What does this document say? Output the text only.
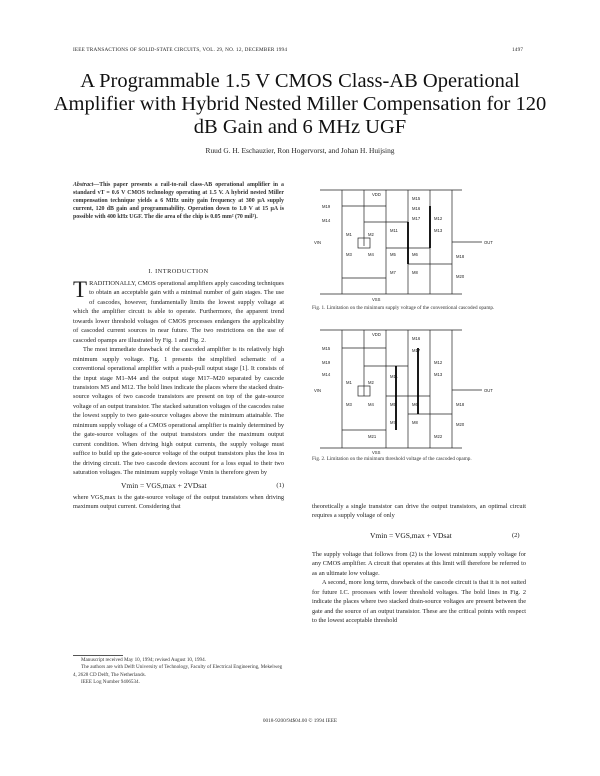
IEEE TRANSACTIONS OF SOLID-STATE CIRCUITS, VOL. 29, NO. 12, DECEMBER 1994	1497
A Programmable 1.5 V CMOS Class-AB Operational Amplifier with Hybrid Nested Miller Compensation for 120 dB Gain and 6 MHz UGF
Ruud G. H. Eschauzier, Ron Hogervorst, and Johan H. Huijsing
Abstract—This paper presents a rail-to-rail class-AB operational amplifier in a standard vT = 0.6 V CMOS technology operating at 1.5 V. A hybrid nested Miller compensation technique yields a 6 MHz unity gain frequency at 300 μA supply current, 120 dB gain and programmability. Operation down to 1.0 V at 15 μA is possible with 400 kHz UGF. The die area of the chip is 0.05 mm² (70 mil²).
I. INTRODUCTION
TRADITIONALLY, CMOS operational amplifiers apply cascoding techniques to obtain an acceptable gain with a minimal number of gain stages. The use of cascodes, however, fundamentally limits the lowest supply voltage at which the amplifier circuit is able to operate. Furthermore, the apparent trend towards lower threshold voltages of CMOS processes endangers the applicability of cascoded current sources in near future. The two restrictions on the use of cascoded opamps are illustrated by Fig. 1 and Fig. 2.
The most immediate drawback of the cascoded amplifier is its relatively high minimum supply voltage. Fig. 1 presents the simplified schematic of a conventional operational amplifier with a push-pull output stage [1]. It consists of the input stage M1–M4 and the output stage M17–M20 separated by cascode transistors M5 and M12. The bold lines indicate the places where the stacked drain-source voltages of two cascode transistors are present on top of the gate-source voltage of an output transistor. The stacked saturation voltages of the cascodes raise the lowest supply to two gate-source voltages above the minimum attainable. The minimum supply voltage of a CMOS operational amplifier is mainly determined by the gate-source voltages of the output transistors under the maximum output current condition. When driving high output currents, the supply voltage must suffice to build up the gate-source voltage of the output transistors plus the loss in the driving circuit. The two cascode devices account for a loss equal to their two saturation voltages. The minimum supply voltage Vmin is therefore given by
Vmin = VGS,max + 2VDsat	(1)
where VGS,max is the gate-source voltage of the output transistors when driving maximum output current. Considering that
Manuscript received May 10, 1994; revised August 10, 1994.
The authors are with Delft University of Technology, Faculty of Electrical Engineering, Mekelweg 4, 2628 CD Delft, The Netherlands.
IEEE Log Number 9406534.
VDD
M19
M14
M15
M16
M17	M12
M13
M11
OUT
VIN
M1	M2
M3	M4	M5	M6
M7	M8
M18
M20
VSS
Fig. 1. Limitation on the minimum supply voltage of the conventional cascoded opamp.
VDD
M15
M19
M14
M16
M17
M12
M13
M11
OUT
VIN
M1	M2
M3	M4	M5	M6
M7	M8
M18
M20
M21	M22
VSS
Fig. 2. Limitation on the minimum threshold voltage of the cascoded opamp.
theoretically a single transistor can drive the output transistors, an optimal circuit requires a supply voltage of only
Vmin = VGS,max + VDsat	(2)
The supply voltage that follows from (2) is the lowest minimum supply voltage for any CMOS amplifier. A circuit that operates at this limit will therefore be referred to as an ultimate low voltage.
A second, more long term, drawback of the cascode circuit is that it is not suited for future I.C. processes with lower threshold voltages. The bold lines in Fig. 2 indicate the places where two stacked drain-source voltages are present between the gate and the source of an output transistor. These are the critical points with respect to the lowest acceptable threshold
0018-9200/94$04.00 © 1994 IEEE
